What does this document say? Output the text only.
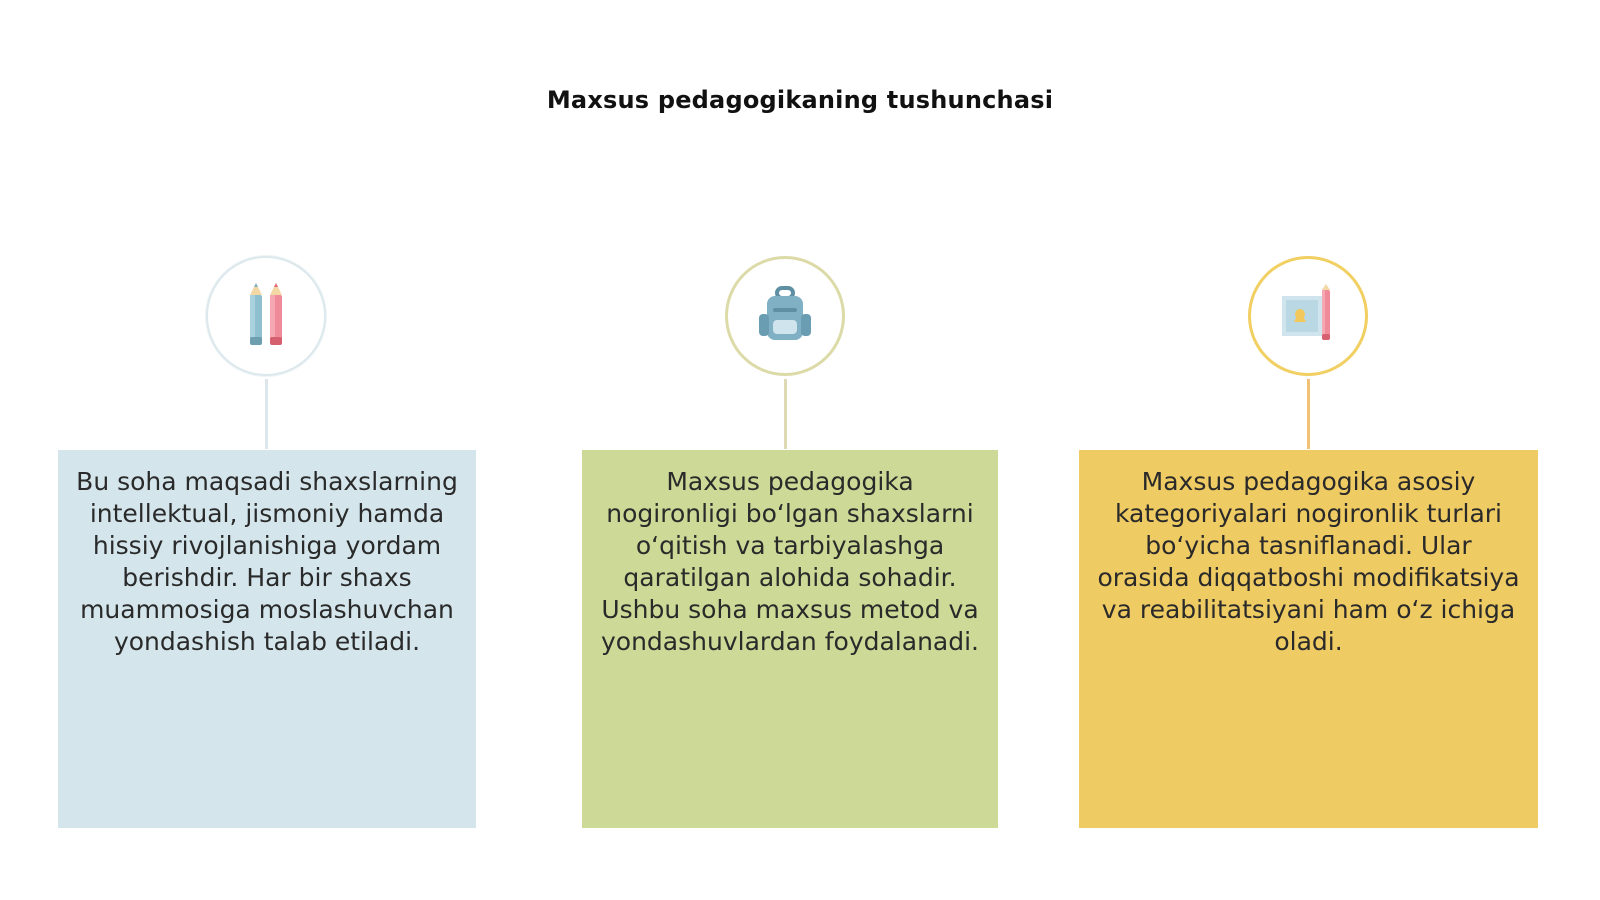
Maxsus pedagogikaning tushunchasi
Bu soha maqsadi shaxslarning intellektual, jismoniy hamda hissiy rivojlanishiga yordam berishdir. Har bir shaxs muammosiga moslashuvchan yondashish talab etiladi.
Maxsus pedagogika nogironligi bo‘lgan shaxslarni o‘qitish va tarbiyalashga qaratilgan alohida sohadir. Ushbu soha maxsus metod va yondashuvlardan foydalanadi.
Maxsus pedagogika asosiy kategoriyalari nogironlik turlari bo‘yicha tasniflanadi. Ular orasida diqqatboshi modifikatsiya va reabilitatsiyani ham o‘z ichiga oladi.
